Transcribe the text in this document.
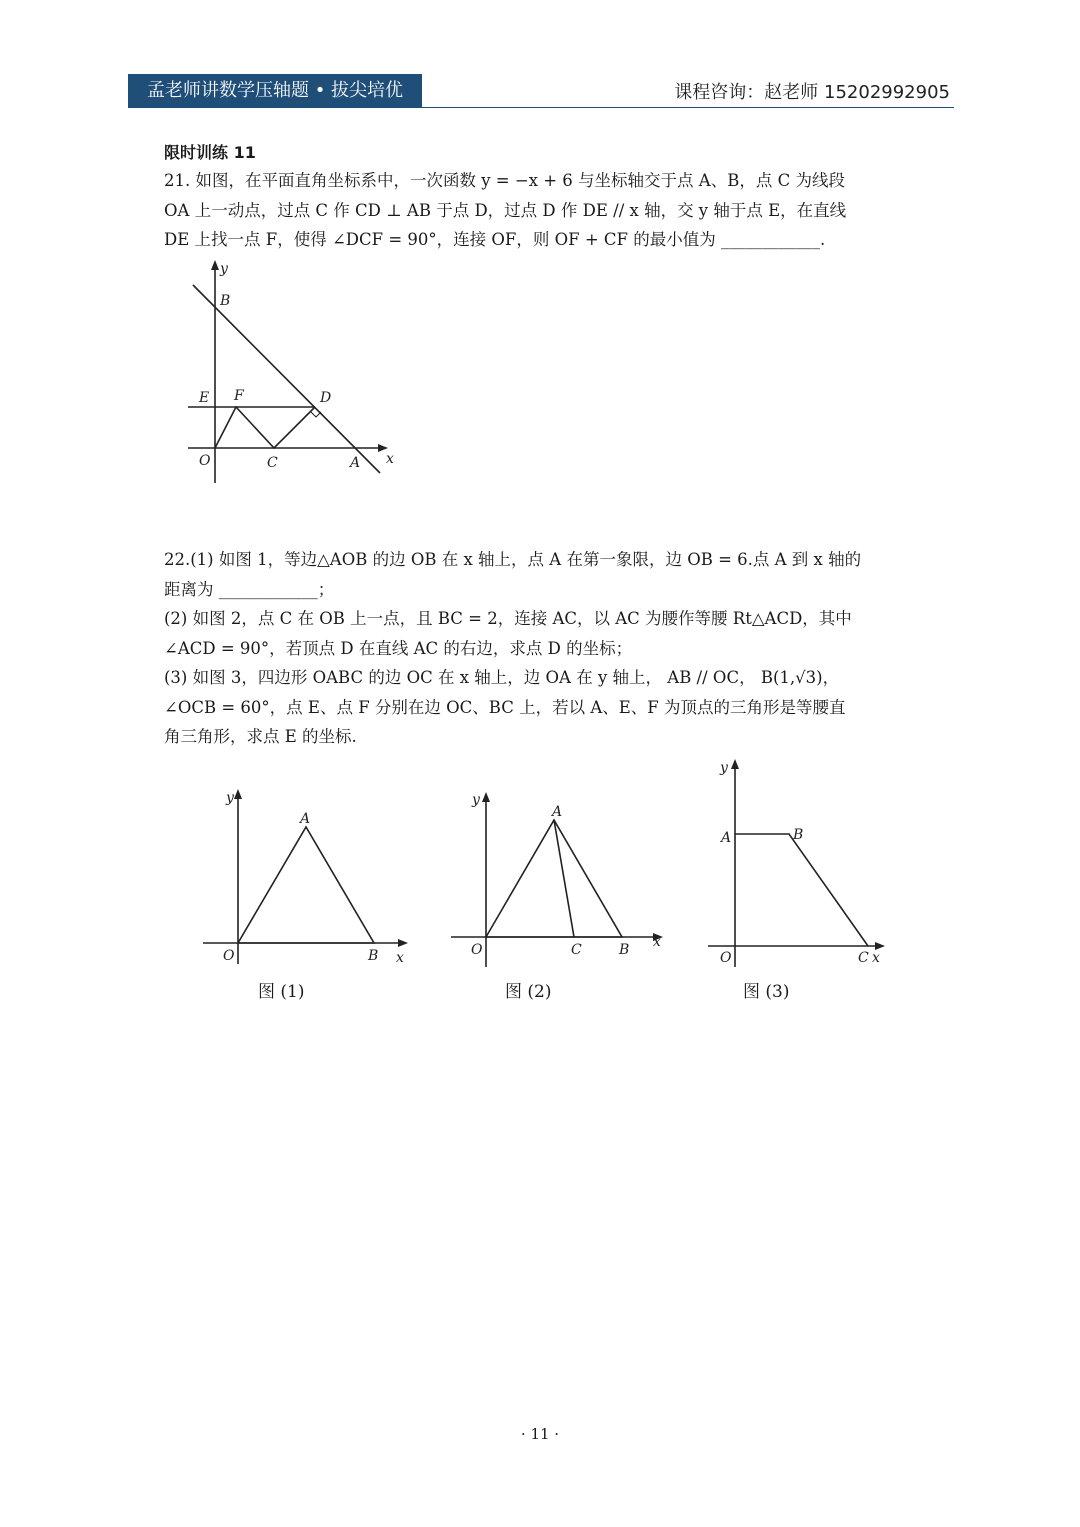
孟老师讲数学压轴题 • 拔尖培优	课程咨询：赵老师 15202992905
限时训练 11
21. 如图，在平面直角坐标系中，一次函数 y = −x + 6 与坐标轴交于点 A、B，点 C 为线段
OA 上一动点，过点 C 作 CD ⊥ AB 于点 D，过点 D 作 DE // x 轴，交 y 轴于点 E，在直线
DE 上找一点 F，使得 ∠DCF = 90°，连接 OF，则 OF + CF 的最小值为 ____________.
y
B
E F	D
O	C	A x
22.(1) 如图 1，等边△AOB 的边 OB 在 x 轴上，点 A 在第一象限，边 OB = 6.点 A 到 x 轴的
距离为 ____________；
(2) 如图 2，点 C 在 OB 上一点，且 BC = 2，连接 AC，以 AC 为腰作等腰 Rt△ACD，其中
∠ACD = 90°，若顶点 D 在直线 AC 的右边，求点 D 的坐标；
(3) 如图 3，四边形 OABC 的边 OC 在 x 轴上，边 OA 在 y 轴上， AB // OC， B(1,√3)，
∠OCB = 60°，点 E、点 F 分别在边 OC、BC 上，若以 A、E、F 为顶点的三角形是等腰直
角三角形，求点 E 的坐标.
y
A
O	B x
图 (1)
y
A
O	C	B x
图 (2)
y
A	B
O	C x
图 (3)
· 11 ·
